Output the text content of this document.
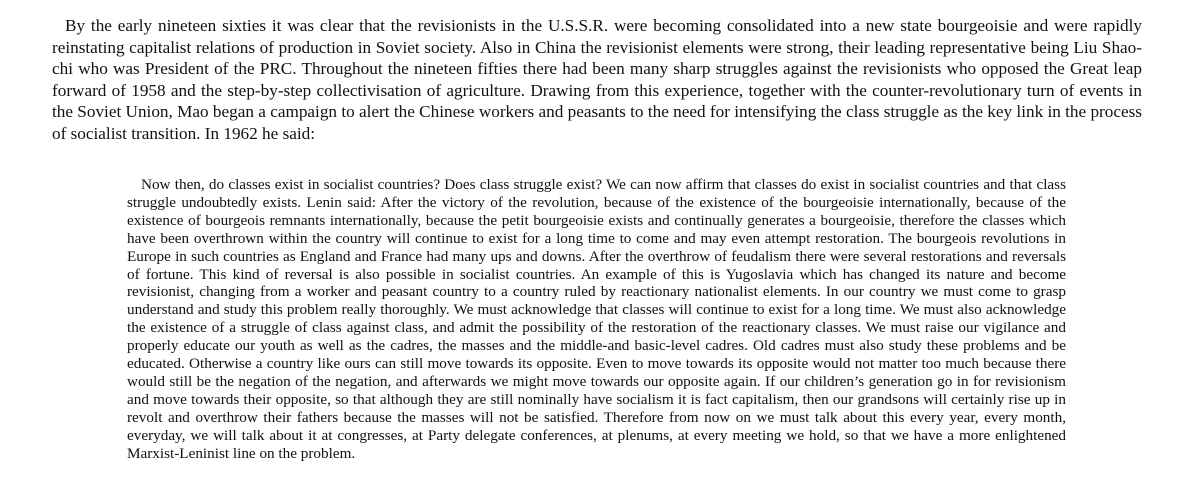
By the early nineteen sixties it was clear that the revisionists in the U.S.S.R. were becoming consolidated into a new state bourgeoisie and were rapidly reinstating capitalist relations of production in Soviet society. Also in China the revisionist elements were strong, their leading representative being Liu Shao-chi who was President of the PRC. Throughout the nineteen fifties there had been many sharp struggles against the revisionists who opposed the Great leap forward of 1958 and the step-by-step collectivisation of agriculture. Drawing from this experience, together with the counter-revolutionary turn of events in the Soviet Union, Mao began a campaign to alert the Chinese workers and peasants to the need for intensifying the class struggle as the key link in the process of socialist transition. In 1962 he said:

Now then, do classes exist in socialist countries? Does class struggle exist? We can now affirm that classes do exist in socialist countries and that class struggle undoubtedly exists. Lenin said: After the victory of the revolution, because of the existence of the bourgeoisie internationally, because of the existence of bourgeois remnants internationally, because the petit bourgeoisie exists and continually generates a bourgeoisie, therefore the classes which have been overthrown within the country will continue to exist for a long time to come and may even attempt restoration. The bourgeois revolutions in Europe in such countries as England and France had many ups and downs. After the overthrow of feudalism there were several restorations and reversals of fortune. This kind of reversal is also possible in socialist countries. An example of this is Yugoslavia which has changed its nature and become revisionist, changing from a worker and peasant country to a country ruled by reactionary nationalist elements. In our country we must come to grasp understand and study this problem really thoroughly. We must acknowledge that classes will continue to exist for a long time. We must also acknowledge the existence of a struggle of class against class, and admit the possibility of the restoration of the reactionary classes. We must raise our vigilance and properly educate our youth as well as the cadres, the masses and the middle-and basic-level cadres. Old cadres must also study these problems and be educated. Otherwise a country like ours can still move towards its opposite. Even to move towards its opposite would not matter too much because there would still be the negation of the negation, and afterwards we might move towards our opposite again. If our children’s generation go in for revisionism and move towards their opposite, so that although they are still nominally have socialism it is fact capitalism, then our grandsons will certainly rise up in revolt and overthrow their fathers because the masses will not be satisfied. Therefore from now on we must talk about this every year, every month, everyday, we will talk about it at congresses, at Party delegate conferences, at plenums, at every meeting we hold, so that we have a more enlightened Marxist-Leninist line on the problem.
